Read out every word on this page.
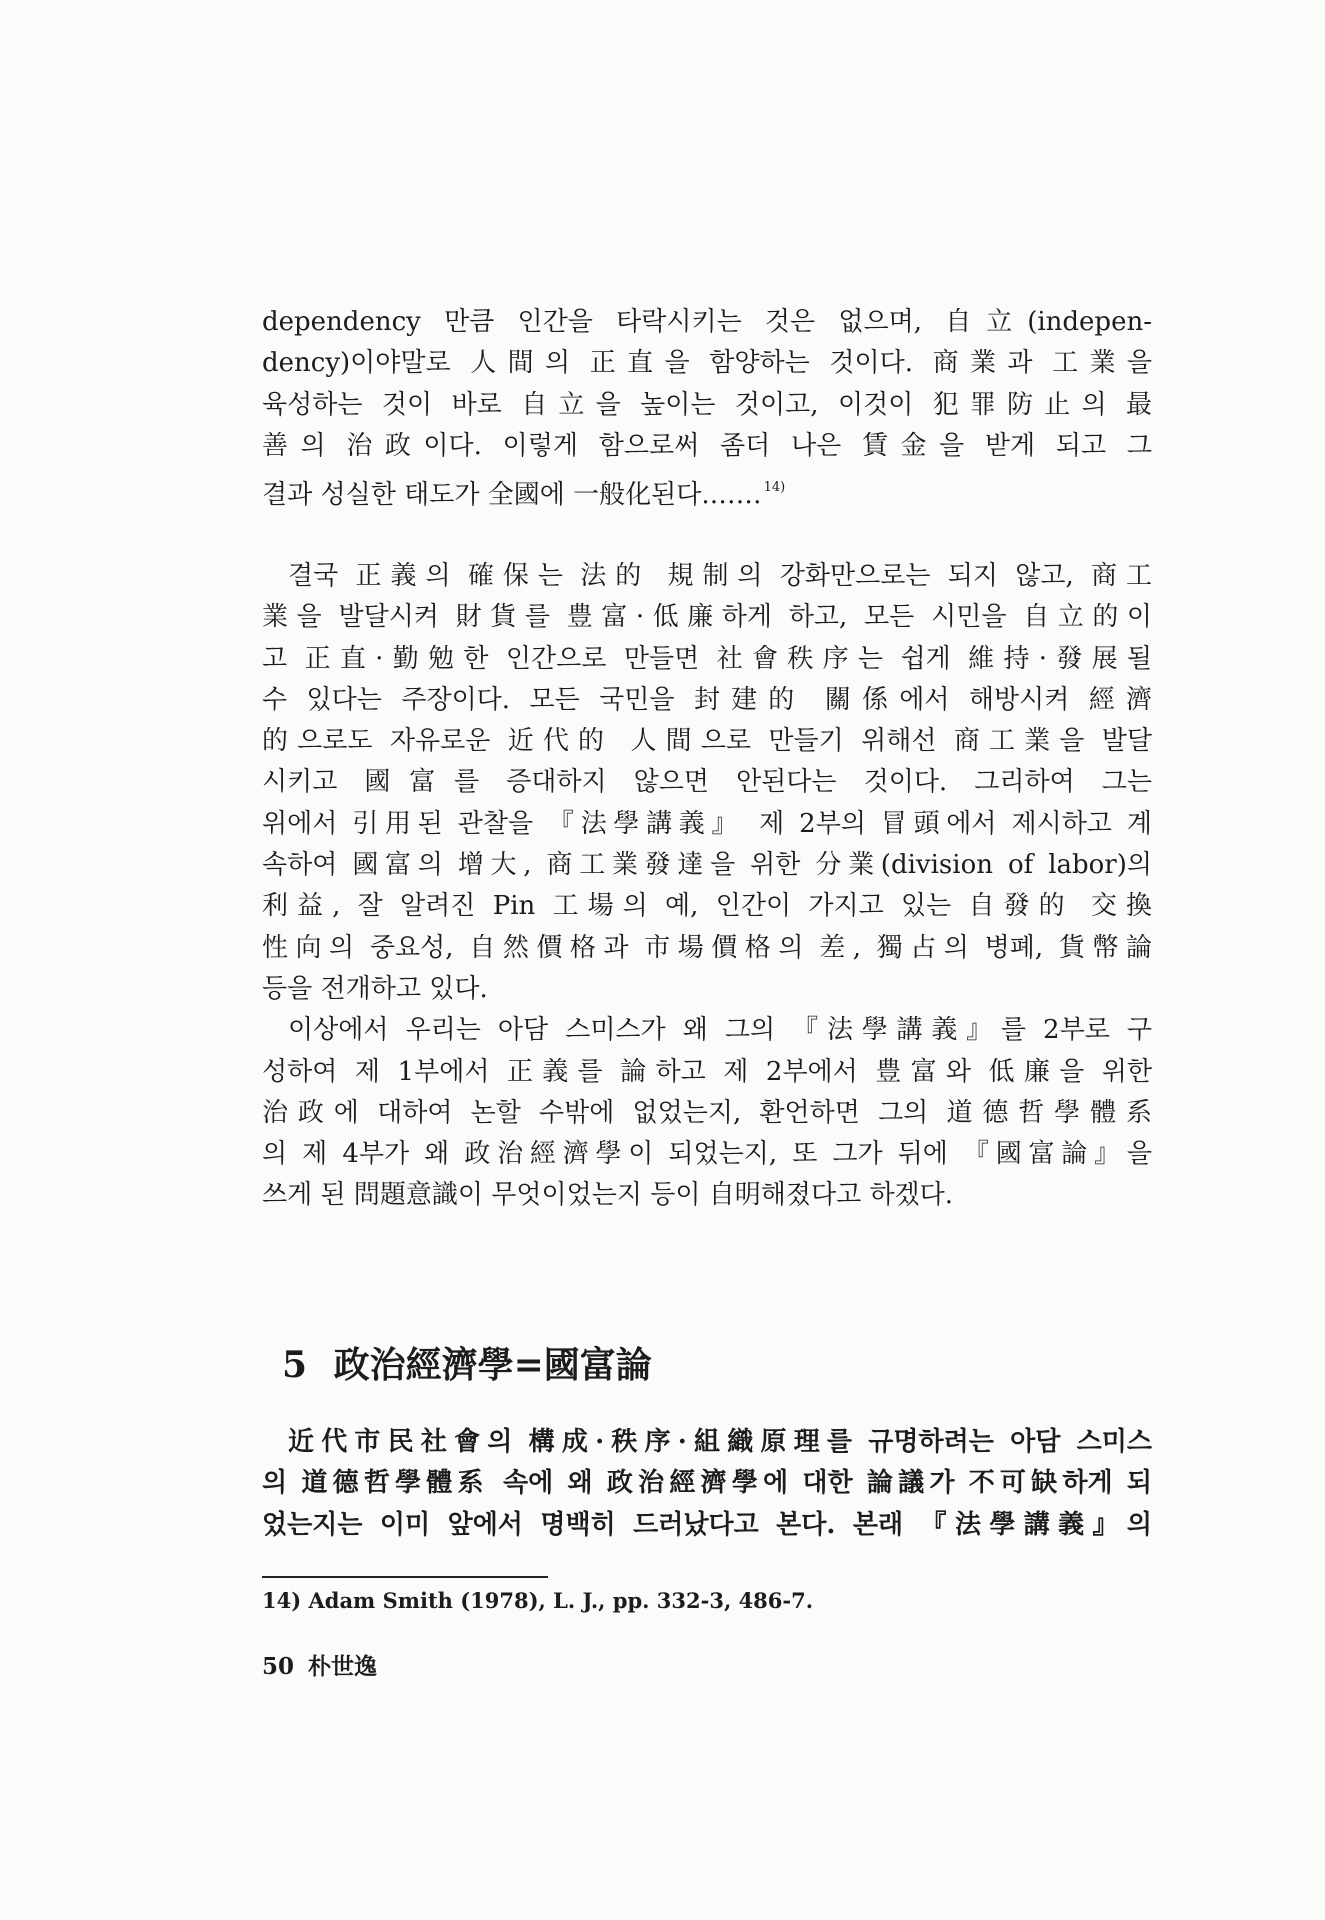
dependency 만큼 인간을 타락시키는 것은 없으며, 自立(indepen-
dency)이야말로 人間의 正直을 함양하는 것이다. 商業과 工業을
육성하는 것이 바로 自立을 높이는 것이고, 이것이 犯罪防止의 最
善의 治政이다. 이렇게 함으로써 좀더 나은 賃金을 받게 되고 그
결과 성실한 태도가 全國에 一般化된다.…… $^{14)}$
결국 正義의 確保는 法的 規制의 강화만으로는 되지 않고, 商工
業을 발달시켜 財貨를 豊富·低廉하게 하고, 모든 시민을 自立的이
고 正直·勤勉한 인간으로 만들면 社會秩序는 쉽게 維持·發展될
수 있다는 주장이다. 모든 국민을 封建的 關係에서 해방시켜 經濟
的으로도 자유로운 近代的 人間으로 만들기 위해선 商工業을 발달
시키고 國富를 증대하지 않으면 안된다는 것이다. 그리하여 그는
위에서 引用된 관찰을 『法學講義』 제 2부의 冒頭에서 제시하고 계
속하여 國富의 增大, 商工業發達을 위한 分業(division of labor)의
利益, 잘 알려진 Pin 工場의 예, 인간이 가지고 있는 自發的 交換
性向의 중요성, 自然價格과 市場價格의 差, 獨占의 병폐, 貨幣論
등을 전개하고 있다.
이상에서 우리는 아담 스미스가 왜 그의 『法學講義』를 2부로 구
성하여 제 1부에서 正義를 論하고 제 2부에서 豊富와 低廉을 위한
治政에 대하여 논할 수밖에 없었는지, 환언하면 그의 道德哲學體系
의 제 4부가 왜 政治經濟學이 되었는지, 또 그가 뒤에 『國富論』을
쓰게 된 問題意識이 무엇이었는지 등이 自明해졌다고 하겠다.
5 政治經濟學=國富論
近代市民社會의 構成·秩序·組織原理를 규명하려는 아담 스미스
의 道德哲學體系 속에 왜 政治經濟學에 대한 論議가 不可缺하게 되
었는지는 이미 앞에서 명백히 드러났다고 본다. 본래 『法學講義』의
14) Adam Smith (1978), L. J., pp. 332-3, 486-7.
50 朴世逸
